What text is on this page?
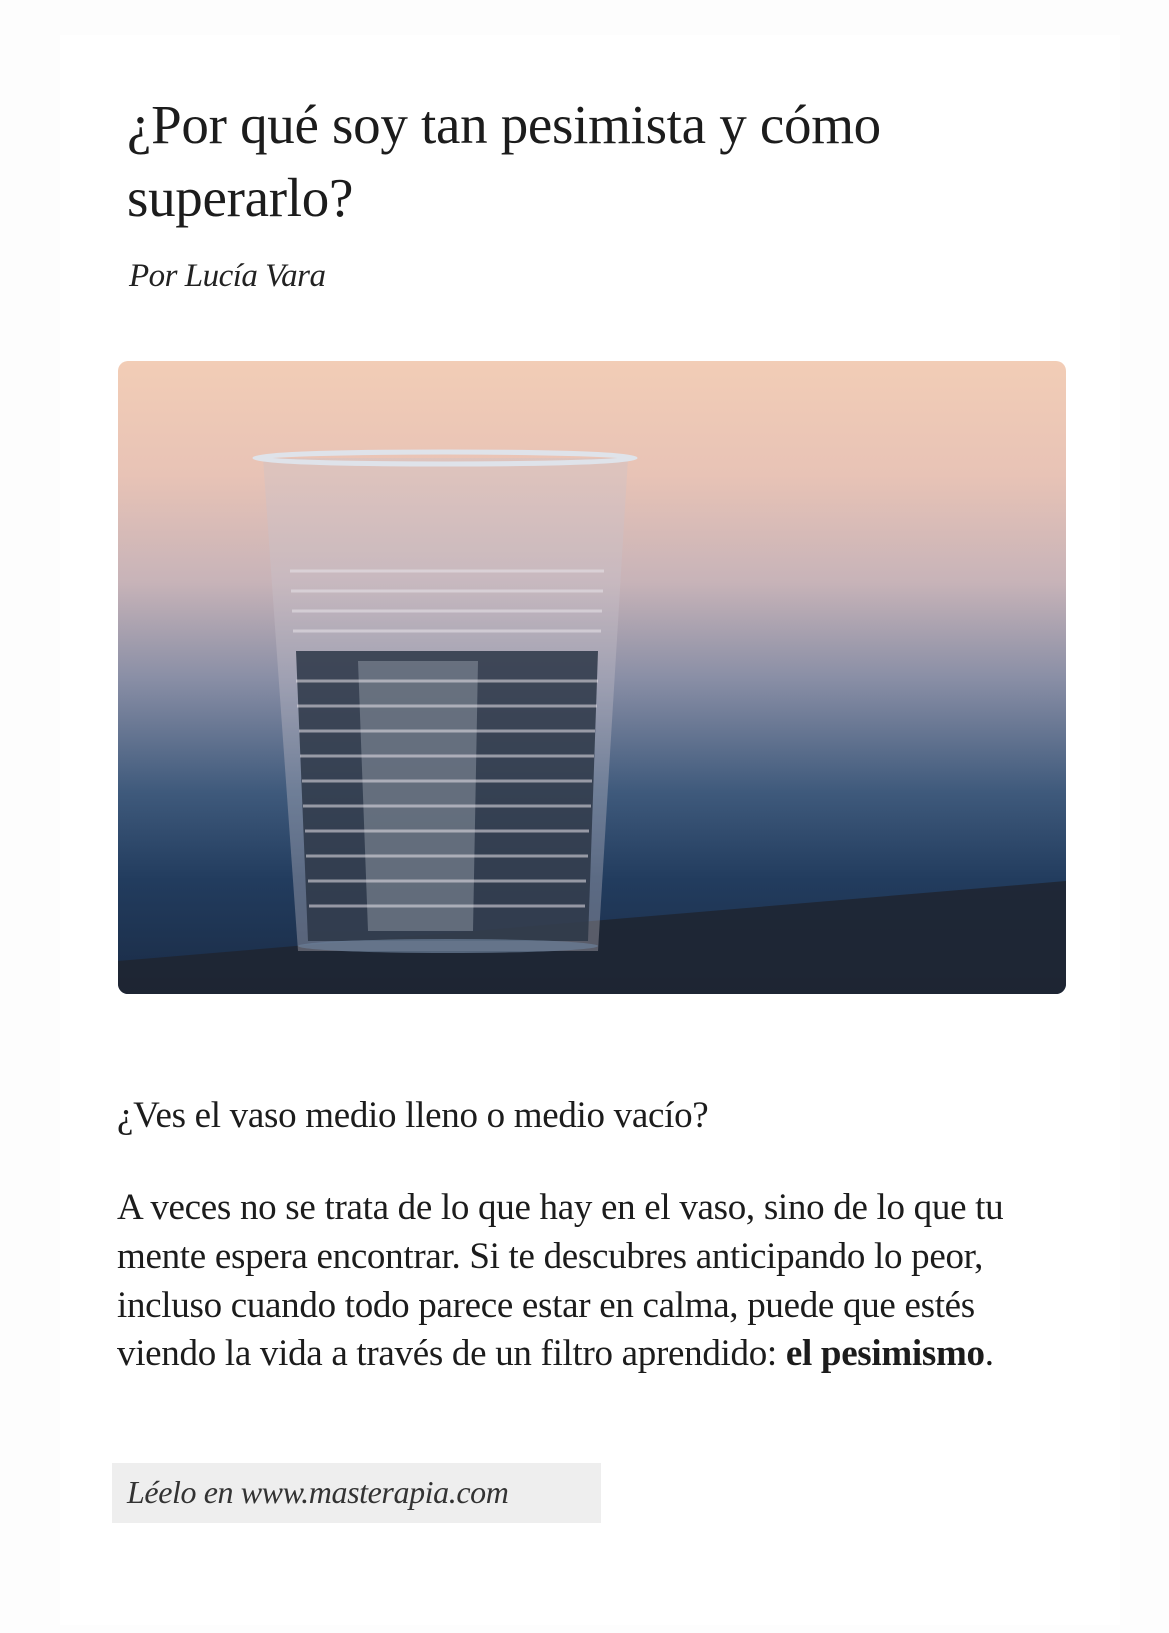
¿Por qué soy tan pesimista y cómo superarlo?
Por Lucía Vara
¿Ves el vaso medio lleno o medio vacío?

A veces no se trata de lo que hay en el vaso, sino de lo que tu mente espera encontrar. Si te descubres anticipando lo peor, incluso cuando todo parece estar en calma, puede que estés viendo la vida a través de un filtro aprendido: el pesimismo.

Léelo en www.masterapia.com
